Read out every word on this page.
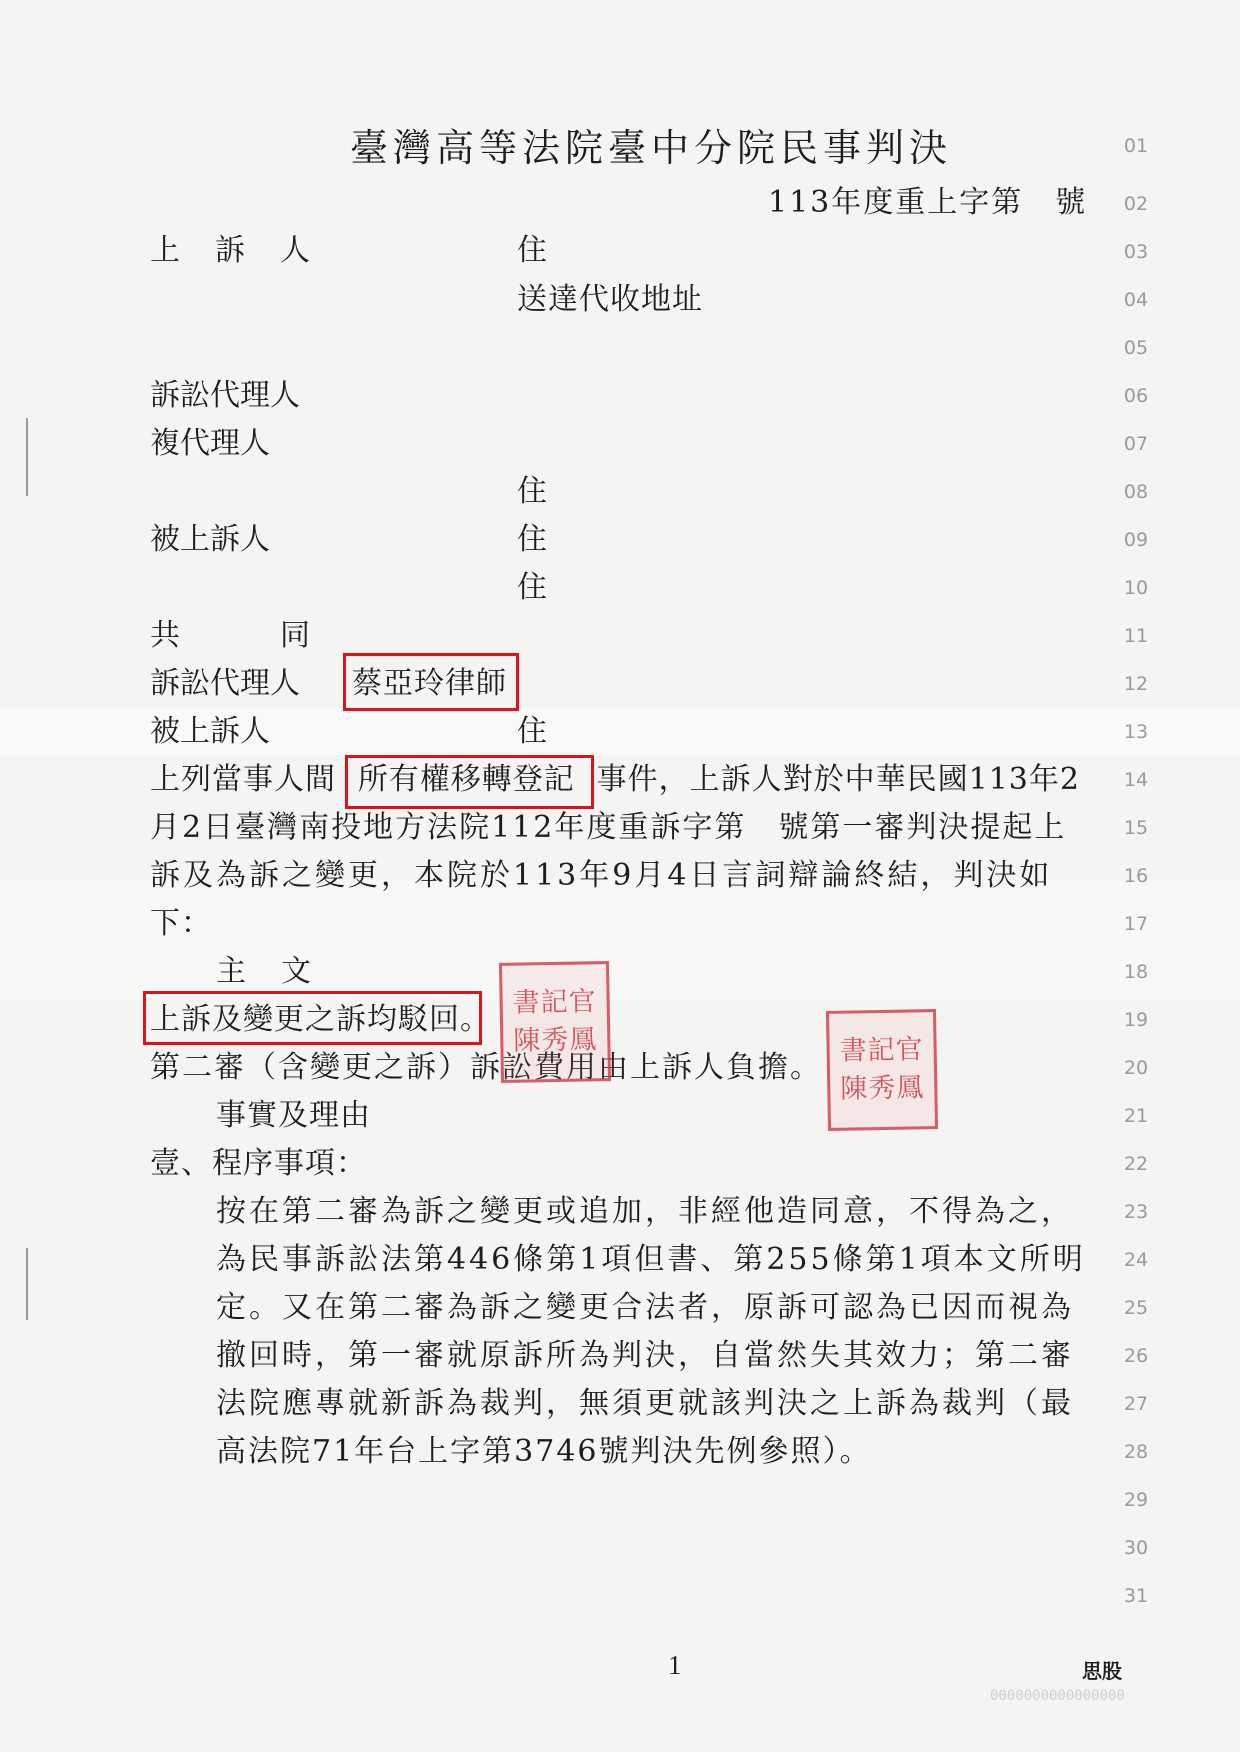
臺灣高等法院臺中分院民事判決
113年度重上字第　號
上 訴 人	住
送達代收地址
訴訟代理人
複代理人
住
被上訴人	住
住
共	同
訴訟代理人 蔡亞玲律師
被上訴人	住
上列當事人間 所有權移轉登記 事件，上訴人對於中華民國113年2
月2日臺灣南投地方法院112年度重訴字第　號第一審判決提起上
訴及為訴之變更，本院於113年9月4日言詞辯論終結，判決如
下：
主 文
上訴及變更之訴均駁回。
第二審（含變更之訴）訴訟費用由上訴人負擔。
事實及理由
壹、程序事項：
按在第二審為訴之變更或追加，非經他造同意，不得為之，
為民事訴訟法第446條第1項但書、第255條第1項本文所明
定。又在第二審為訴之變更合法者，原訴可認為已因而視為
撤回時，第一審就原訴所為判決，自當然失其效力；第二審
法院應專就新訴為裁判，無須更就該判決之上訴為裁判（最
高法院71年台上字第3746號判決先例參照）。
書記官
陳秀鳳	書記官
陳秀鳳
01
02
03
04
05
06
07
08
09
10
11
12
13
14
15
16
17
18
19
20
21
22
23
24
25
26
27
28
29
30
31
1	思股
0000000000000000
